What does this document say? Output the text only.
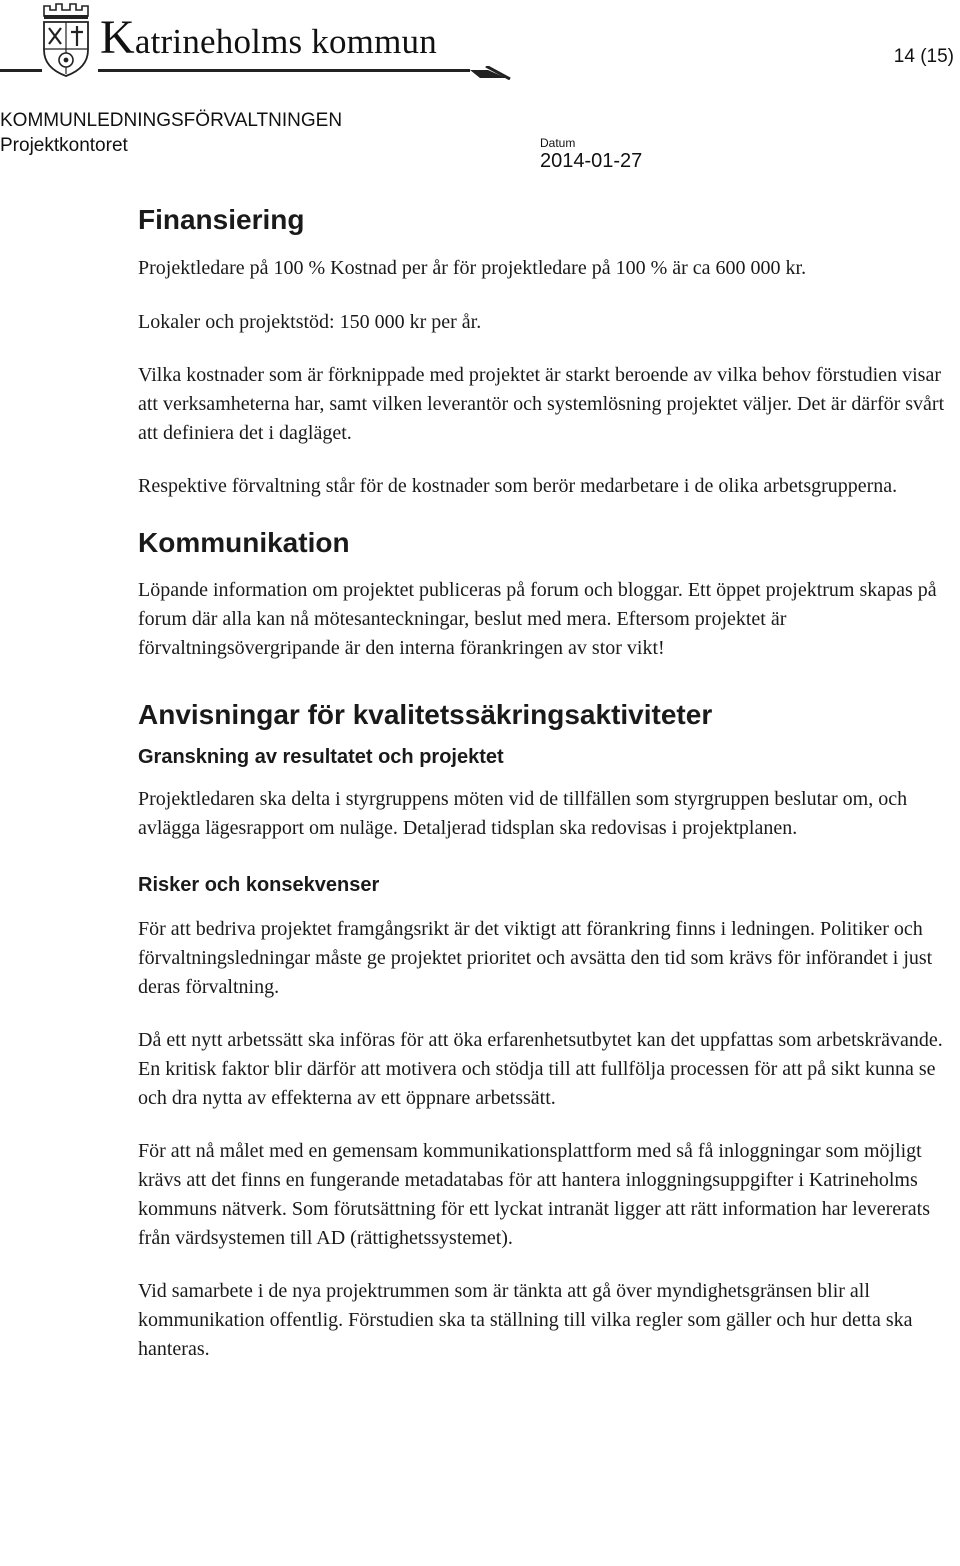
Katrineholms kommun	14 (15)
KOMMUNLEDNINGSFÖRVALTNINGEN
Projektkontoret	Datum
2014-01-27
Finansiering

Projektledare på 100 % Kostnad per år för projektledare på 100 % är ca 600 000 kr.

Lokaler och projektstöd: 150 000 kr per år.

Vilka kostnader som är förknippade med projektet är starkt beroende av vilka behov förstudien visar att verksamheterna har, samt vilken leverantör och systemlösning projektet väljer. Det är därför svårt att definiera det i dagläget.

Respektive förvaltning står för de kostnader som berör medarbetare i de olika arbetsgrupperna.

Kommunikation

Löpande information om projektet publiceras på forum och bloggar. Ett öppet projektrum skapas på forum där alla kan nå mötesanteckningar, beslut med mera. Eftersom projektet är förvaltningsövergripande är den interna förankringen av stor vikt!

Anvisningar för kvalitetssäkringsaktiviteter
Granskning av resultatet och projektet

Projektledaren ska delta i styrgruppens möten vid de tillfällen som styrgruppen beslutar om, och avlägga lägesrapport om nuläge. Detaljerad tidsplan ska redovisas i projektplanen.

Risker och konsekvenser

För att bedriva projektet framgångsrikt är det viktigt att förankring finns i ledningen. Politiker och förvaltningsledningar måste ge projektet prioritet och avsätta den tid som krävs för införandet i just deras förvaltning.

Då ett nytt arbetssätt ska införas för att öka erfarenhetsutbytet kan det uppfattas som arbetskrävande. En kritisk faktor blir därför att motivera och stödja till att fullfölja processen för att på sikt kunna se och dra nytta av effekterna av ett öppnare arbetssätt.

För att nå målet med en gemensam kommunikationsplattform med så få inloggningar som möjligt krävs att det finns en fungerande metadatabas för att hantera inloggningsuppgifter i Katrineholms kommuns nätverk. Som förutsättning för ett lyckat intranät ligger att rätt information har levererats från värdsystemen till AD (rättighetssystemet).

Vid samarbete i de nya projektrummen som är tänkta att gå över myndighetsgränsen blir all kommunikation offentlig. Förstudien ska ta ställning till vilka regler som gäller och hur detta ska hanteras.
